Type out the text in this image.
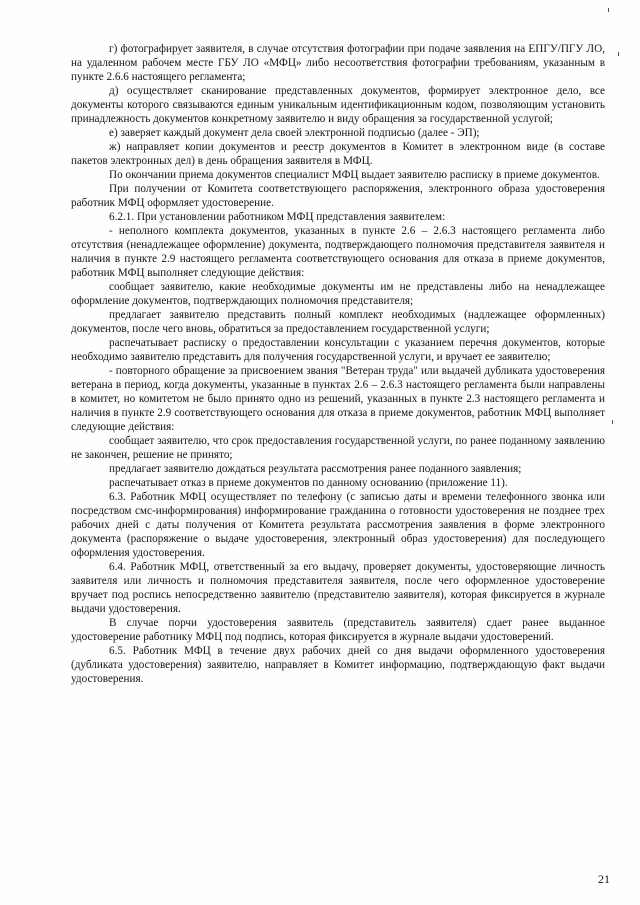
г) фотографирует заявителя, в случае отсутствия фотографии при подаче заявления на ЕПГУ/ПГУ ЛО, на удаленном рабочем месте ГБУ ЛО «МФЦ» либо несоответствия фотографии требованиям, указанным в пункте 2.6.6 настоящего регламента;

д) осуществляет сканирование представленных документов, формирует электронное дело, все документы которого связываются единым уникальным идентификационным кодом, позволяющим установить принадлежность документов конкретному заявителю и виду обращения за государственной услугой;

е) заверяет каждый документ дела своей электронной подписью (далее - ЭП);

ж) направляет копии документов и реестр документов в Комитет в электронном виде (в составе пакетов электронных дел) в день обращения заявителя в МФЦ.

По окончании приема документов специалист МФЦ выдает заявителю расписку в приеме документов.

При получении от Комитета соответствующего распоряжения, электронного образа удостоверения работник МФЦ оформляет удостоверение.

6.2.1. При установлении работником МФЦ представления заявителем:

- неполного комплекта документов, указанных в пункте 2.6 – 2.6.3 настоящего регламента либо отсутствия (ненадлежащее оформление) документа, подтверждающего полномочия представителя заявителя и наличия в пункте 2.9 настоящего регламента соответствующего основания для отказа в приеме документов, работник МФЦ выполняет следующие действия:

сообщает заявителю, какие необходимые документы им не представлены либо на ненадлежащее оформление документов, подтверждающих полномочия представителя;

предлагает заявителю представить полный комплект необходимых (надлежащее оформленных) документов, после чего вновь, обратиться за предоставлением государственной услуги;

распечатывает расписку о предоставлении консультации с указанием перечня документов, которые необходимо заявителю представить для получения государственной услуги, и вручает ее заявителю;

- повторного обращение за присвоением звания "Ветеран труда" или выдачей дубликата удостоверения ветерана в период, когда документы, указанные в пунктах 2.6 – 2.6.3 настоящего регламента были направлены в комитет, но комитетом не было принято одно из решений, указанных в пункте 2.3 настоящего регламента и наличия в пункте 2.9 соответствующего основания для отказа в приеме документов, работник МФЦ выполняет следующие действия:

сообщает заявителю, что срок предоставления государственной услуги, по ранее поданному заявлению не закончен, решение не принято;

предлагает заявителю дождаться результата рассмотрения ранее поданного заявления;

распечатывает отказ в приеме документов по данному основанию (приложение 11).

6.3. Работник МФЦ осуществляет по телефону (с записью даты и времени телефонного звонка или посредством смс-информирования) информирование гражданина о готовности удостоверения не позднее трех рабочих дней с даты получения от Комитета результата рассмотрения заявления в форме электронного документа (распоряжение о выдаче удостоверения, электронный образ удостоверения) для последующего оформления удостоверения.

6.4. Работник МФЦ, ответственный за его выдачу, проверяет документы, удостоверяющие личность заявителя или личность и полномочия представителя заявителя, после чего оформленное удостоверение вручает под роспись непосредственно заявителю (представителю заявителя), которая фиксируется в журнале выдачи удостоверения.

В случае порчи удостоверения заявитель (представитель заявителя) сдает ранее выданное удостоверение работнику МФЦ под подпись, которая фиксируется в журнале выдачи удостоверений.

6.5. Работник МФЦ в течение двух рабочих дней со дня выдачи оформленного удостоверения (дубликата удостоверения) заявителю, направляет в Комитет информацию, подтверждающую факт выдачи удостоверения.

21
